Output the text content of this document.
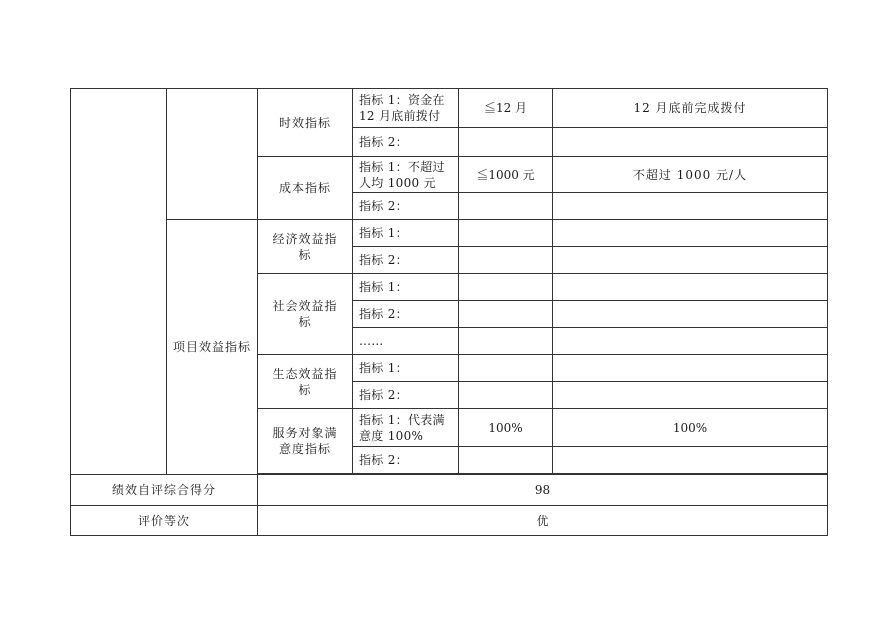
		时效指标	指标 1：资金在 12 月底前拨付	≦12 月	12 月底前完成拨付
			指标 2：		
		成本指标	指标 1：不超过人均 1000 元	≦1000 元	不超过 1000 元/人
			指标 2：		
	项目效益指标	经济效益指标	指标 1：		
			指标 2：		
		社会效益指标	指标 1：		
			指标 2：		
			……		
		生态效益指标	指标 1：		
			指标 2：		
		服务对象满意度指标	指标 1：代表满意度 100%	100%	100%
			指标 2：		

绩效自评综合得分		98			
评价等次		优			
